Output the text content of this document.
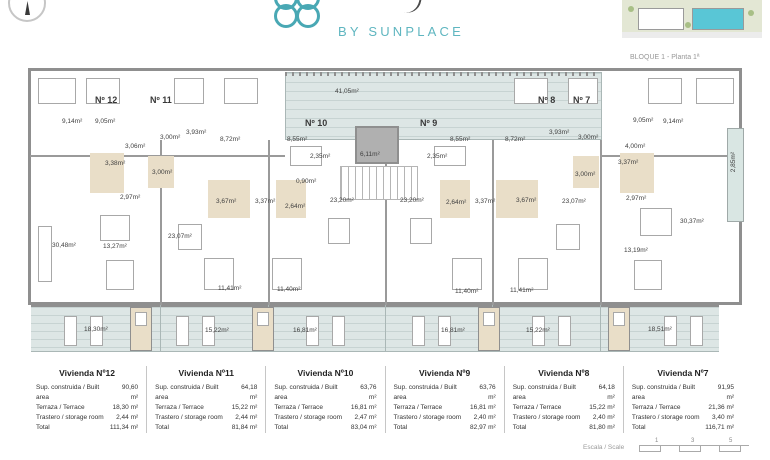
BY SUNPLACE
BLOQUE 1 - Planta 1ª
Nº 12	Nº 11
Nº 10	Nº 9
Nº 8 Nº 7
9,14m² 9,05m²
3,06m²
3,00m²
3,93m²
8,72m²
41,05m²
8,55m²
2,35m²	6,11m²	2,35m²
8,55m²	8,72m²
3,93m²
3,00m²
9,05m² 9,14m²
4,00m²
3,38m²
3,00m²
2,97m²
0,90m²
3,67m²	3,37m²
2,64m²
23,20m²	23,20m²	2,64m² 3,37m²	3,67m²
3,37m²
3,00m²
2,97m²
23,07m²
23,07m²
30,48m²	13,27m²
30,37m²
13,19m²
2,85m²
11,41m²	11,40m²	11,40m²	11,41m²
18,30m²	15,22m²	16,81m²	16,81m²	15,22m²	18,51m²
Vivienda Nº12
Sup. construida / Built area
90,60 m²
Terraza / Terrace	18,30 m²
Trastero / storage room 2,44 m²
Total	111,34 m²
Vivienda Nº11
Sup. construida / Built area
64,18 m²
Terraza / Terrace	15,22 m²
Trastero / storage room 2,44 m²
Total	81,84 m²
Vivienda Nº10
Sup. construida / Built area
63,76 m²
Terraza / Terrace	16,81 m²
Trastero / storage room 2,47 m²
Total	83,04 m²
Vivienda Nº9
Sup. construida / Built area
63,76 m²
Terraza / Terrace	16,81 m²
Trastero / storage room 2,40 m²
Total	82,97 m²
Vivienda Nº8
Sup. construida / Built area
64,18 m²
Terraza / Terrace	15,22 m²
Trastero / storage room 2,40 m²
Total	81,80 m²
Vivienda Nº7
Sup. construida / Built area
91,95 m²
Terraza / Terrace	21,36 m²
Trastero / storage room 3,40 m²
Total	116,71 m²
Escala / Scale
1	3	5
